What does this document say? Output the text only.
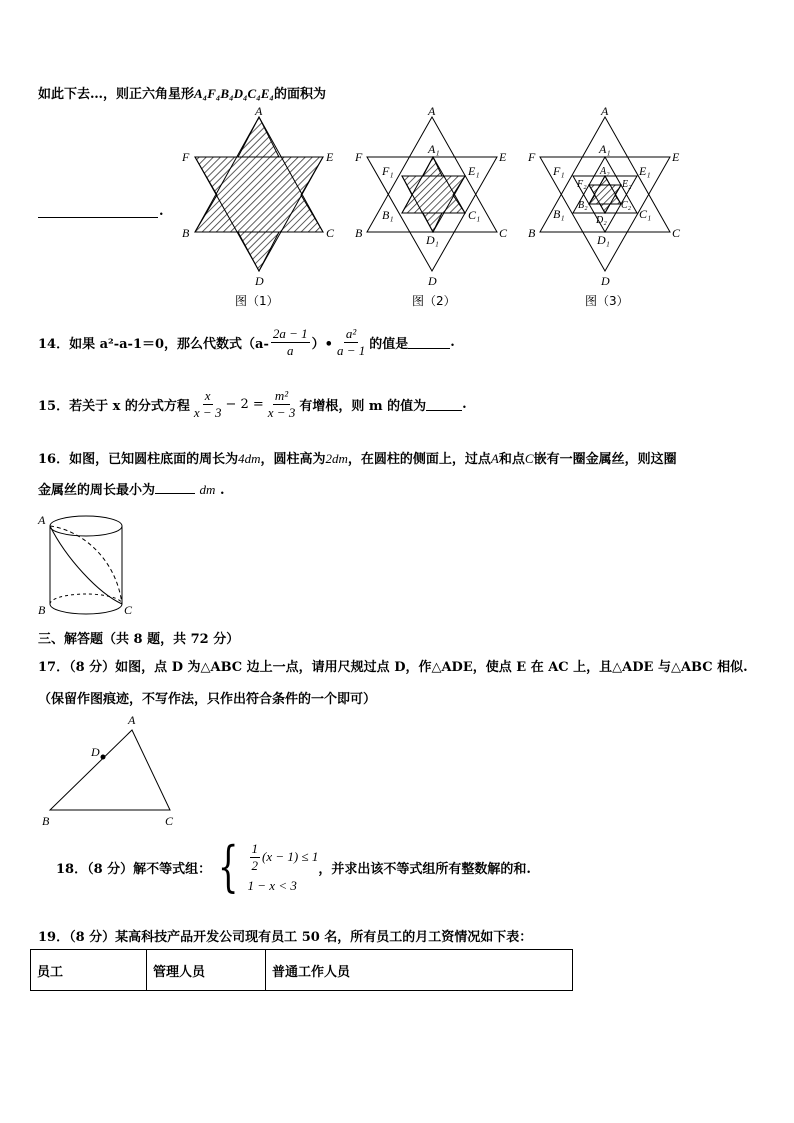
如此下去…，则正六角星形A₄F₄B₄D₄C₄E₄的面积为
.
A
F	E
B	C
D
图（1）
A
F	E
B	C
D
A₁
F₁	E₁
B₁	C₁
D₁
图（2）
A
F	E
B	C
D
A₁
F₁	E₁
B₁	C₁
D₁
A₂
F₂	E₂
B₂	C₂
D₂
图（3）
14． 如果 a²-a-1＝0，那么代数式（$a- \frac{2a - 1}{a}$ ）• $\frac{\text{a²}}{a - 1}$ 的值是	.
15． 若关于 x 的分式方程 $\frac{x}{x - 3} - 2 = \frac{\text{m²}}{x - 3}$ 有增根，则 m 的值为	.
16．如图，已知圆柱底面的周长为4dm，圆柱高为2dm，在圆柱的侧面上，过点A和点C嵌有一圈金属丝，则这圈
金属丝的周长最小为	dm .
A
B	C
三、解答题（共 8 题，共 72 分）
17．（8 分）如图，点 D 为△ABC 边上一点，请用尺规过点 D，作△ADE，使点 E 在 AC 上，且△ADE 与△ABC 相似.
（保留作图痕迹，不写作法，只作出符合条件的一个即可）
A
D
B	C
18．（8 分）解不等式组： { $\frac{1}{2} (x - 1) \le 1$
1 − x < 3
，并求出该不等式组所有整数解的和.
19．（8 分）某高科技产品开发公司现有员工 50 名，所有员工的月工资情况如下表：
员工	管理人员	普通工作人员
